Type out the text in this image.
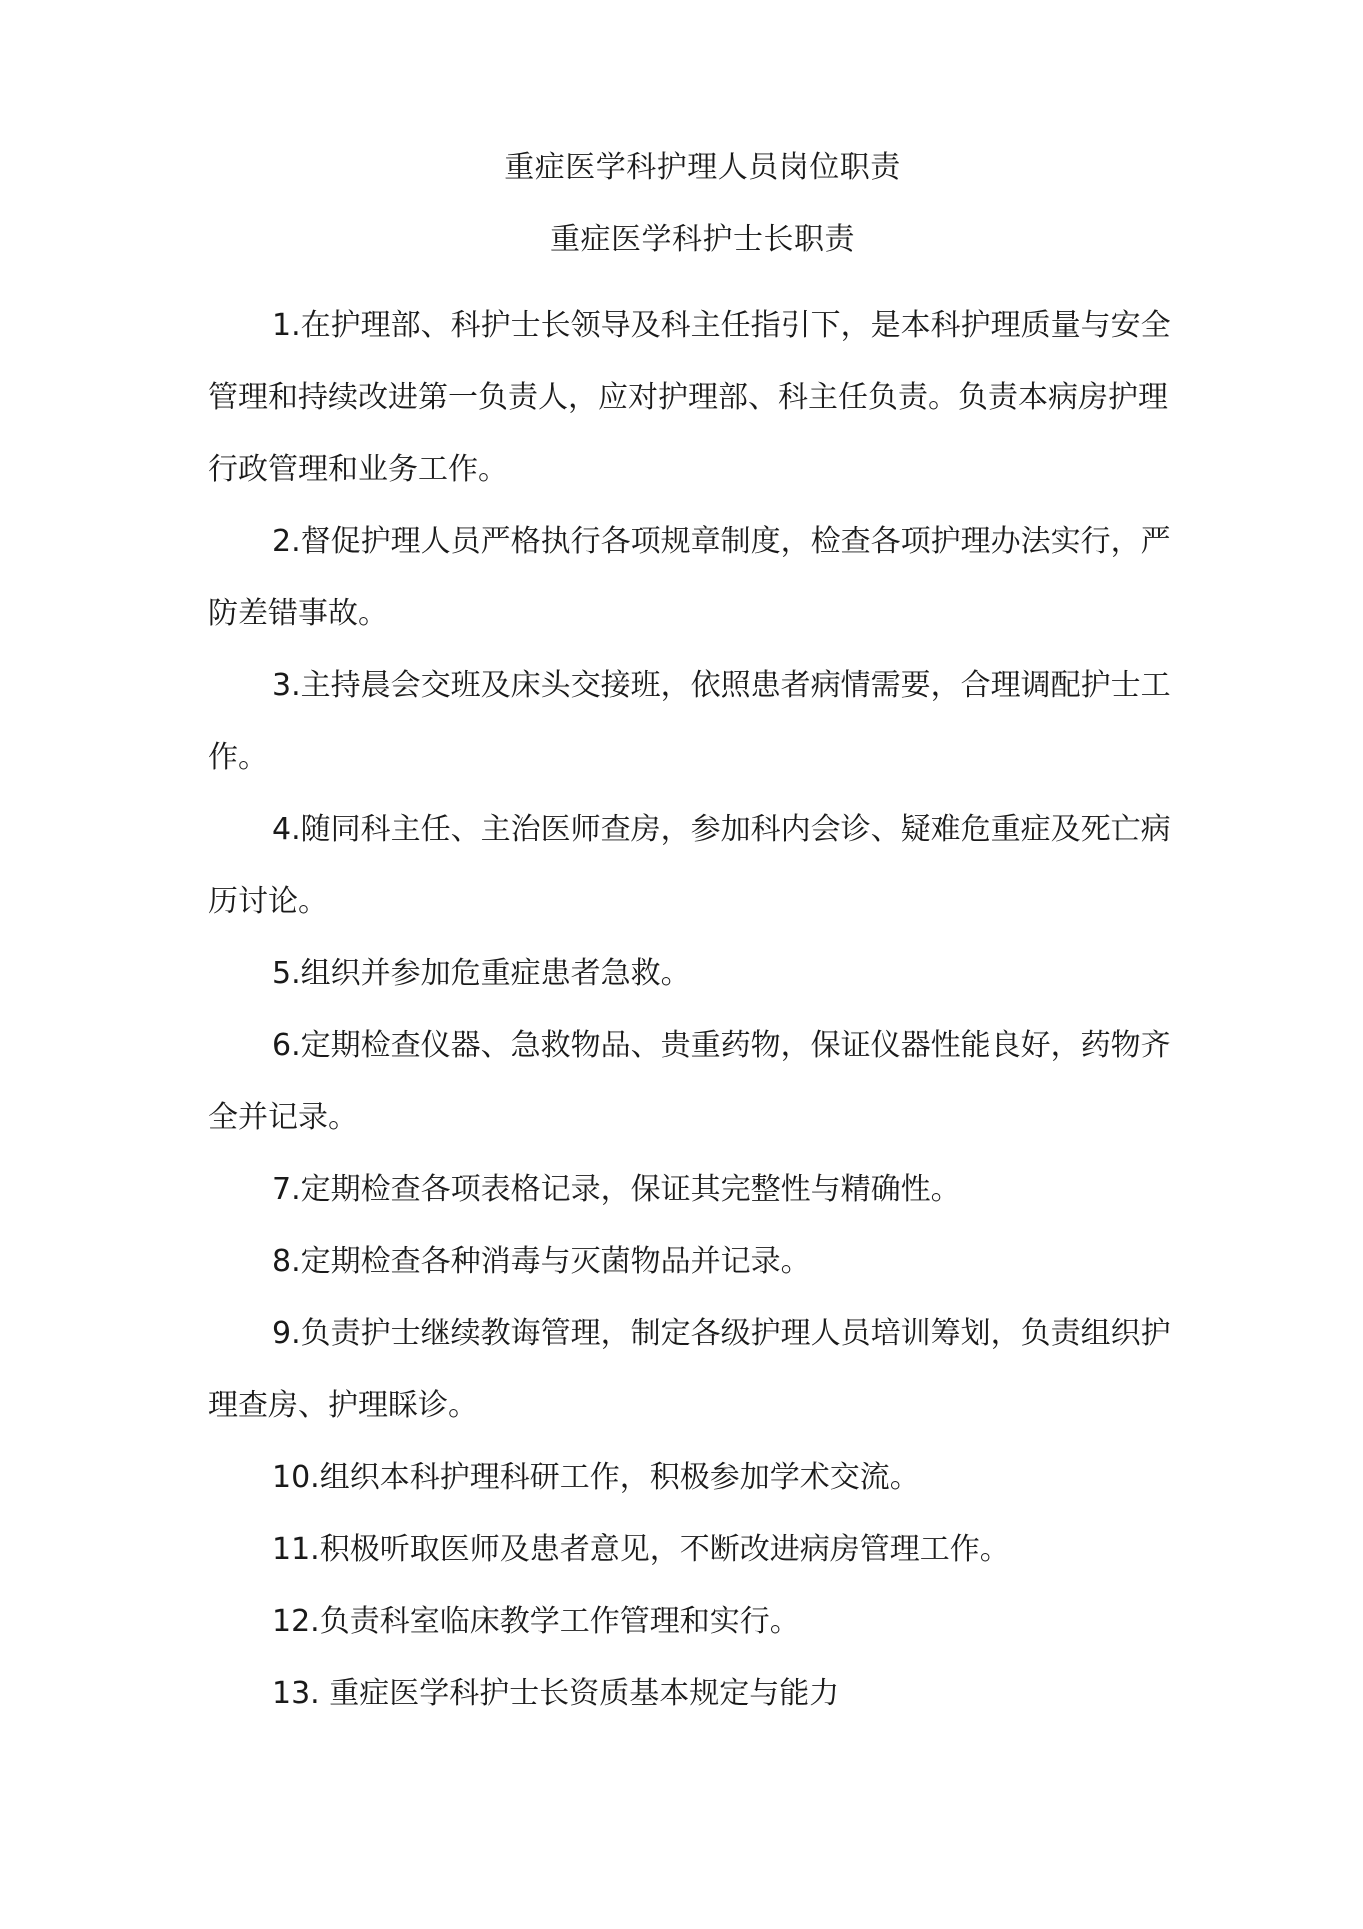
重症医学科护理人员岗位职责
重症医学科护士长职责

1.在护理部、科护士长领导及科主任指引下，是本科护理质量与安全管理和持续改进第一负责人，应对护理部、科主任负责。负责本病房护理行政管理和业务工作。

2.督促护理人员严格执行各项规章制度，检查各项护理办法实行，严防差错事故。

3.主持晨会交班及床头交接班，依照患者病情需要，合理调配护士工作。

4.随同科主任、主治医师查房，参加科内会诊、疑难危重症及死亡病历讨论。

5.组织并参加危重症患者急救。

6.定期检查仪器、急救物品、贵重药物，保证仪器性能良好，药物齐全并记录。

7.定期检查各项表格记录，保证其完整性与精确性。

8.定期检查各种消毒与灭菌物品并记录。

9.负责护士继续教诲管理，制定各级护理人员培训筹划，负责组织护理查房、护理睬诊。

10.组织本科护理科研工作，积极参加学术交流。

11.积极听取医师及患者意见，不断改进病房管理工作。

12.负责科室临床教学工作管理和实行。

13. 重症医学科护士长资质基本规定与能力
